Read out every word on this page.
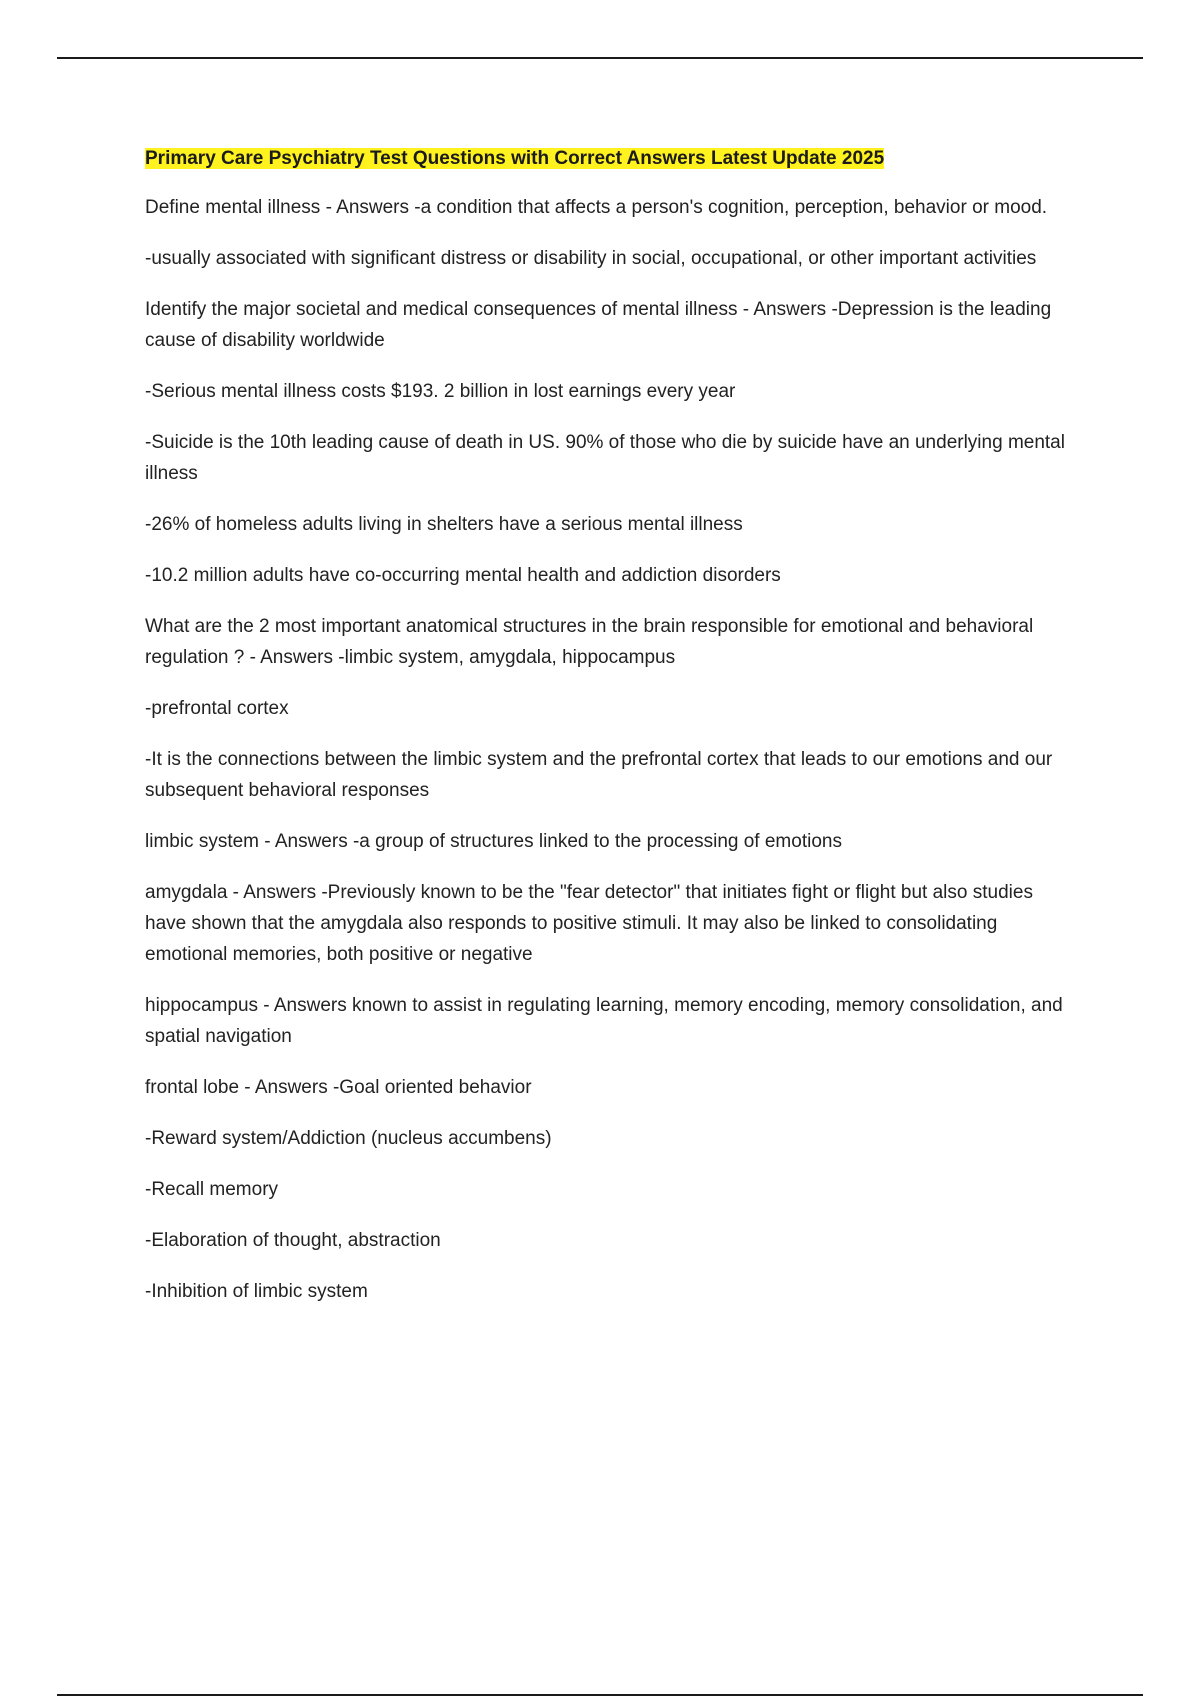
Primary Care Psychiatry Test Questions with Correct Answers Latest Update 2025

Define mental illness - Answers -a condition that affects a person's cognition, perception, behavior or mood.

-usually associated with significant distress or disability in social, occupational, or other important activities

Identify the major societal and medical consequences of mental illness - Answers -Depression is the leading cause of disability worldwide

-Serious mental illness costs $193. 2 billion in lost earnings every year

-Suicide is the 10th leading cause of death in US. 90% of those who die by suicide have an underlying mental illness

-26% of homeless adults living in shelters have a serious mental illness

-10.2 million adults have co-occurring mental health and addiction disorders

What are the 2 most important anatomical structures in the brain responsible for emotional and behavioral regulation ? - Answers -limbic system, amygdala, hippocampus

-prefrontal cortex

-It is the connections between the limbic system and the prefrontal cortex that leads to our emotions and our subsequent behavioral responses

limbic system - Answers -a group of structures linked to the processing of emotions

amygdala - Answers -Previously known to be the "fear detector" that initiates fight or flight but also studies have shown that the amygdala also responds to positive stimuli. It may also be linked to consolidating emotional memories, both positive or negative

hippocampus - Answers known to assist in regulating learning, memory encoding, memory consolidation, and spatial navigation

frontal lobe - Answers -Goal oriented behavior

-Reward system/Addiction (nucleus accumbens)

-Recall memory

-Elaboration of thought, abstraction

-Inhibition of limbic system
